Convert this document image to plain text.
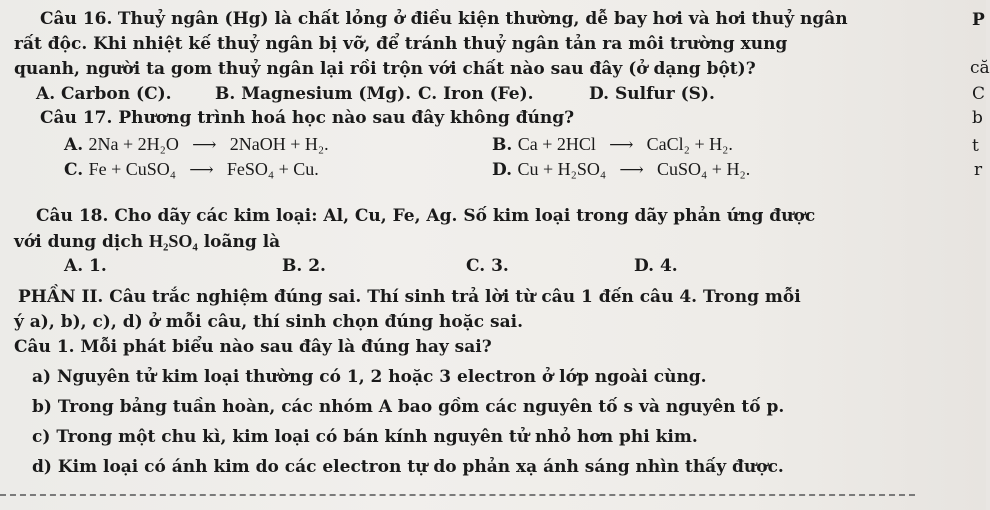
Câu 16. Thuỷ ngân (Hg) là chất lỏng ở điều kiện thường, dễ bay hơi và hơi thuỷ ngân
rất độc. Khi nhiệt kế thuỷ ngân bị vỡ, để tránh thuỷ ngân tản ra môi trường xung
quanh, người ta gom thuỷ ngân lại rồi trộn với chất nào sau đây (ở dạng bột)?
A. Carbon (C).	B. Magnesium (Mg). C. Iron (Fe).	D. Sulfur (S).
Câu 17. Phương trình hoá học nào sau đây không đúng?
A. 2Na + 2H₂O ⟶ 2NaOH + H₂.	B. Ca + 2HCl ⟶ CaCl₂ + H₂.
C. Fe + CuSO₄ ⟶ FeSO₄ + Cu.	D. Cu + H₂SO₄ ⟶ CuSO₄ + H₂.
Câu 18. Cho dãy các kim loại: Al, Cu, Fe, Ag. Số kim loại trong dãy phản ứng được
với dung dịch H₂SO₄ loãng là
A. 1.	B. 2.	C. 3.	D. 4.
PHẦN II. Câu trắc nghiệm đúng sai. Thí sinh trả lời từ câu 1 đến câu 4. Trong mỗi
ý a), b), c), d) ở mỗi câu, thí sinh chọn đúng hoặc sai.
Câu 1. Mỗi phát biểu nào sau đây là đúng hay sai?
a) Nguyên tử kim loại thường có 1, 2 hoặc 3 electron ở lớp ngoài cùng.
b) Trong bảng tuần hoàn, các nhóm A bao gồm các nguyên tố s và nguyên tố p.
c) Trong một chu kì, kim loại có bán kính nguyên tử nhỏ hơn phi kim.
d) Kim loại có ánh kim do các electron tự do phản xạ ánh sáng nhìn thấy được.
P
că
C
b
t
r
